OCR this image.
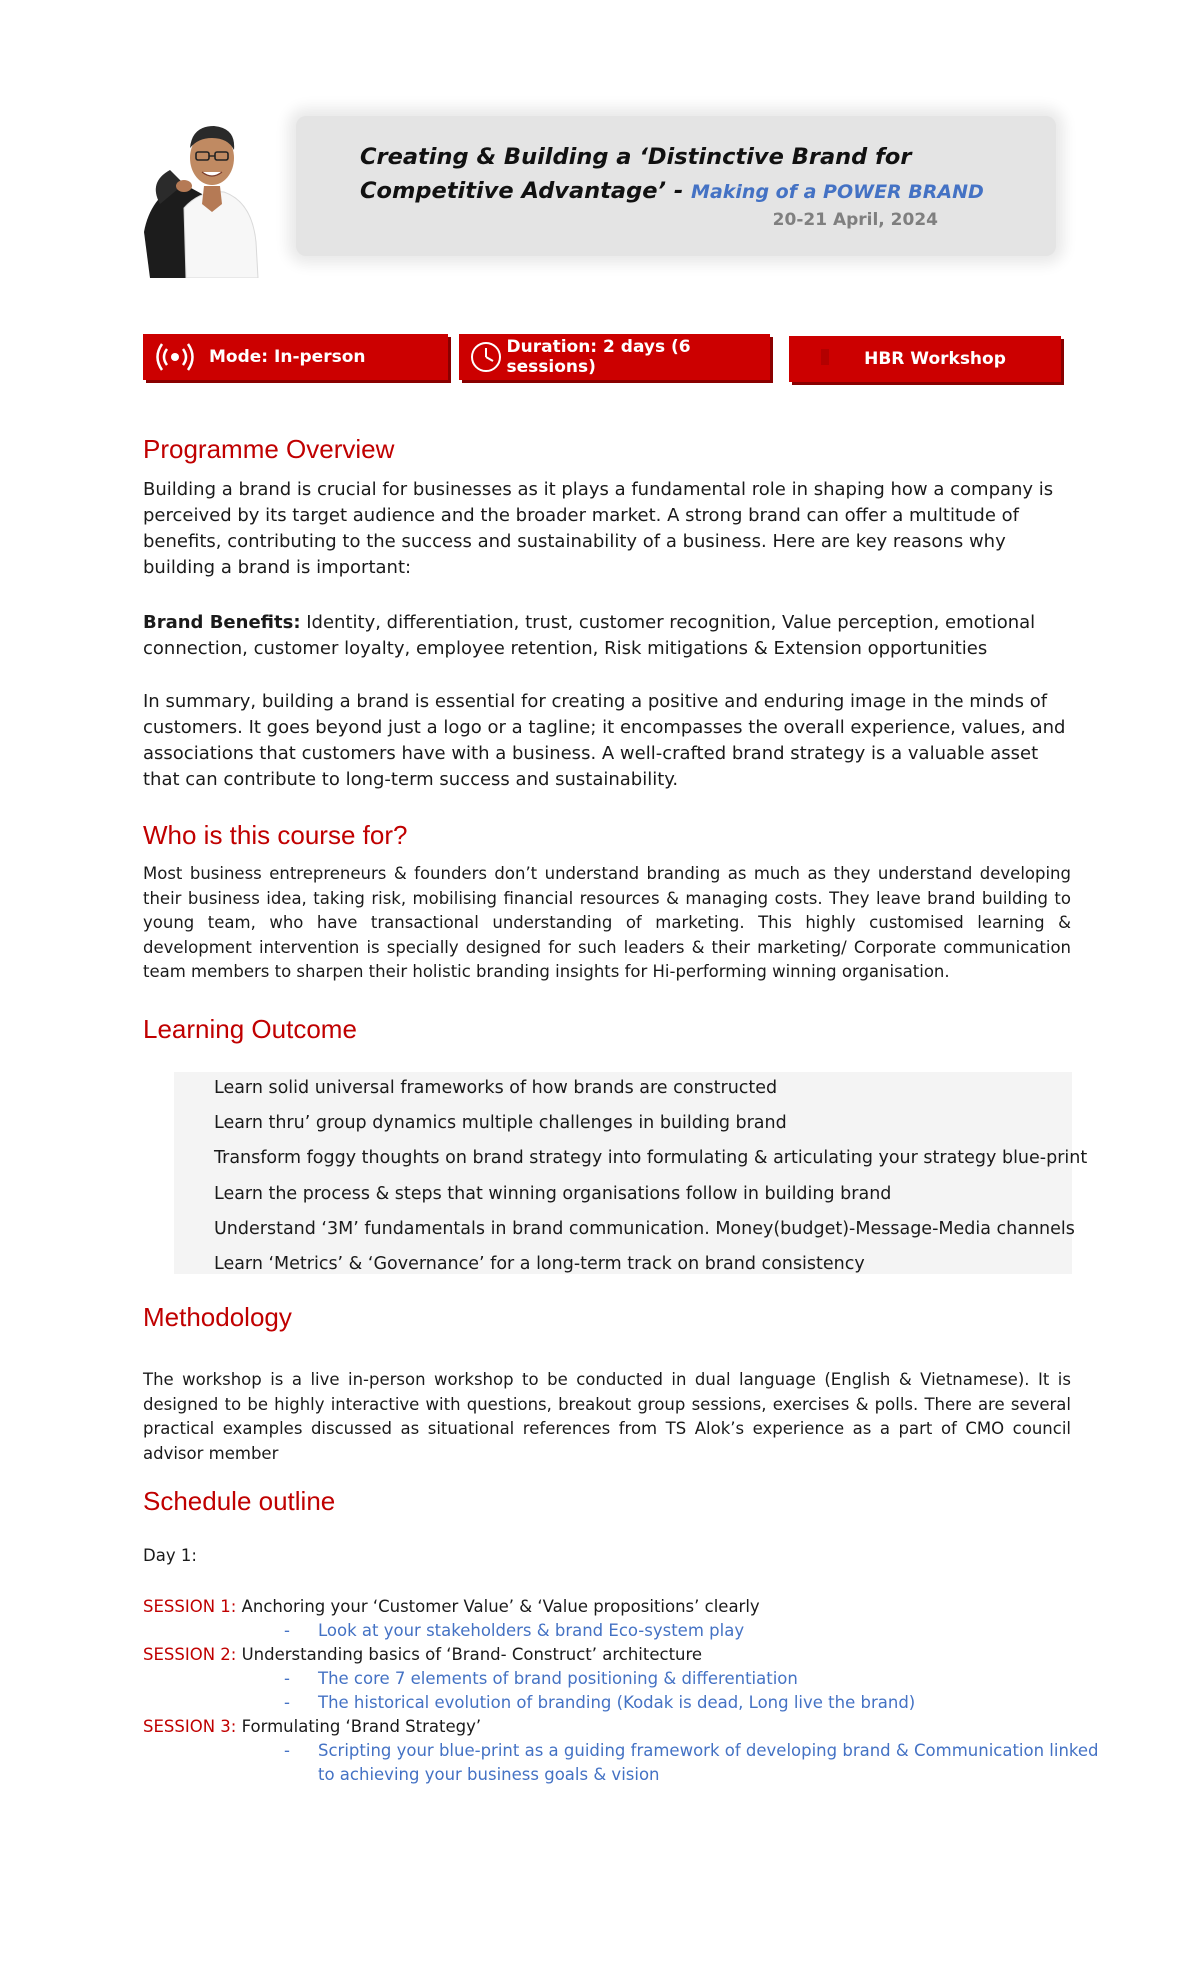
Creating & Building a ‘Distinctive Brand for
Competitive Advantage’ - Making of a POWER BRAND
20-21 April, 2024
Mode: In-person	Duration: 2 days (6 sessions)	HBR Workshop
Programme Overview

Building a brand is crucial for businesses as it plays a fundamental role in shaping how a company is perceived by its target audience and the broader market. A strong brand can offer a multitude of benefits, contributing to the success and sustainability of a business. Here are key reasons why building a brand is important:

Brand Benefits: Identity, differentiation, trust, customer recognition, Value perception, emotional connection, customer loyalty, employee retention, Risk mitigations & Extension opportunities

In summary, building a brand is essential for creating a positive and enduring image in the minds of customers. It goes beyond just a logo or a tagline; it encompasses the overall experience, values, and associations that customers have with a business. A well-crafted brand strategy is a valuable asset that can contribute to long-term success and sustainability.

Who is this course for?

Most business entrepreneurs & founders don’t understand branding as much as they understand developing their business idea, taking risk, mobilising financial resources & managing costs. They leave brand building to young team, who have transactional understanding of marketing. This highly customised learning & development intervention is specially designed for such leaders & their marketing/ Corporate communication team members to sharpen their holistic branding insights for Hi-performing winning organisation.

Learning Outcome
Learn solid universal frameworks of how brands are constructed
Learn thru’ group dynamics multiple challenges in building brand
Transform foggy thoughts on brand strategy into formulating & articulating your strategy blue-print
Learn the process & steps that winning organisations follow in building brand
Understand ‘3M’ fundamentals in brand communication. Money(budget)-Message-Media channels
Learn ‘Metrics’ & ‘Governance’ for a long-term track on brand consistency
Methodology

The workshop is a live in-person workshop to be conducted in dual language (English & Vietnamese). It is designed to be highly interactive with questions, breakout group sessions, exercises & polls. There are several practical examples discussed as situational references from TS Alok’s experience as a part of CMO council advisor member

Schedule outline

Day 1:

SESSION 1: Anchoring your ‘Customer Value’ & ‘Value propositions’ clearly

- Look at your stakeholders & brand Eco-system play

SESSION 2: Understanding basics of ‘Brand- Construct’ architecture

- The core 7 elements of brand positioning & differentiation
- The historical evolution of branding (Kodak is dead, Long live the brand)

SESSION 3: Formulating ‘Brand Strategy’

- Scripting your blue-print as a guiding framework of developing brand & Communication linked
to achieving your business goals & vision
